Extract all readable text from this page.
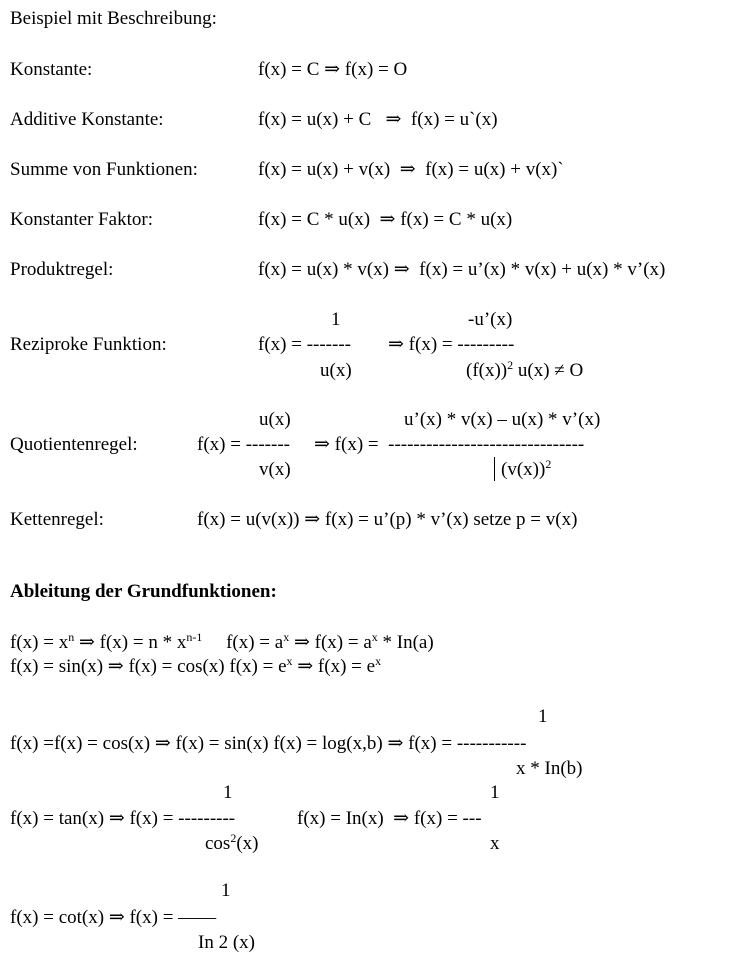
Beispiel mit Beschreibung:
Konstante:	f(x) = C ⇒ f(x) = O
Additive Konstante:	f(x) = u(x) + C   ⇒  f(x) = u`(x)
Summe von Funktionen:	f(x) = u(x) + v(x)  ⇒  f(x) = u(x) + v(x)`
Konstanter Faktor:	f(x) = C * u(x)  ⇒ f(x) = C * u(x)
Produktregel:	f(x) = u(x) * v(x) ⇒  f(x) = u’(x) * v(x) + u(x) * v’(x)
1	-u’(x)
Reziproke Funktion:	f(x) = ------- ⇒ f(x) = ---------
u(x)	$(f(x))^2$ u(x) ≠ O
u(x)	u’(x) * v(x) – u(x) * v’(x)
Quotientenregel:	f(x) = ------- ⇒ f(x) =  -------------------------------
v(x)	$(v(x))^2$
Kettenregel:	f(x) = u(v(x)) ⇒ f(x) = u’(p) * v’(x) setze p = v(x)
Ableitung der Grundfunktionen:
$f(x) = x^n$ ⇒ $f(x) = n * x^{n-1}$     $f(x) = a^x$ ⇒ $f(x) = a^x * In(a)$
f(x) = sin(x) ⇒ f(x) = cos(x) $f(x) = e^x$ ⇒ $f(x) = e^x$
1
f(x) =f(x) = cos(x) ⇒ f(x) = sin(x) f(x) = log(x,b) ⇒ f(x) = -----------
x * In(b)
1	1
f(x) = tan(x) ⇒ f(x) = ---------	f(x) = In(x)  ⇒ f(x) = ---
$\cos^2(x)$	x
1
f(x) = cot(x) ⇒ f(x) = ––––
In 2 (x)
